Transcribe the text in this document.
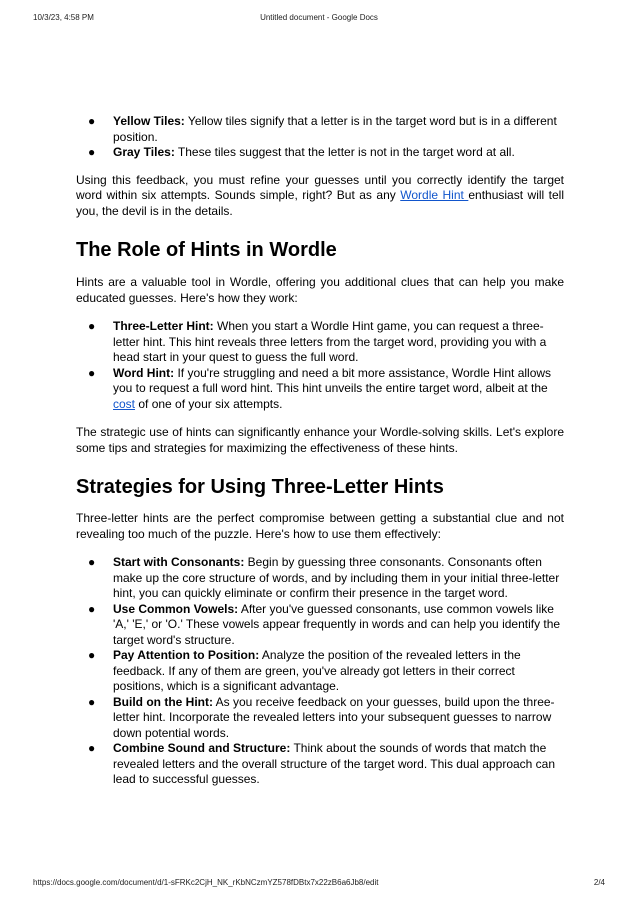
10/3/23, 4:58 PM	Untitled document - Google Docs
● Yellow Tiles: Yellow tiles signify that a letter is in the target word but is in a different position.
● Gray Tiles: These tiles suggest that the letter is not in the target word at all.

Using this feedback, you must refine your guesses until you correctly identify the target word within six attempts. Sounds simple, right? But as any Wordle Hint enthusiast will tell you, the devil is in the details.

The Role of Hints in Wordle

Hints are a valuable tool in Wordle, offering you additional clues that can help you make educated guesses. Here's how they work:

● Three-Letter Hint: When you start a Wordle Hint game, you can request a three-letter hint. This hint reveals three letters from the target word, providing you with a head start in your quest to guess the full word.
● Word Hint: If you're struggling and need a bit more assistance, Wordle Hint allows you to request a full word hint. This hint unveils the entire target word, albeit at the cost of one of your six attempts.

The strategic use of hints can significantly enhance your Wordle-solving skills. Let's explore some tips and strategies for maximizing the effectiveness of these hints.

Strategies for Using Three-Letter Hints

Three-letter hints are the perfect compromise between getting a substantial clue and not revealing too much of the puzzle. Here's how to use them effectively:

● Start with Consonants: Begin by guessing three consonants. Consonants often make up the core structure of words, and by including them in your initial three-letter hint, you can quickly eliminate or confirm their presence in the target word.
● Use Common Vowels: After you've guessed consonants, use common vowels like 'A,' 'E,' or 'O.' These vowels appear frequently in words and can help you identify the target word's structure.
● Pay Attention to Position: Analyze the position of the revealed letters in the feedback. If any of them are green, you've already got letters in their correct positions, which is a significant advantage.
● Build on the Hint: As you receive feedback on your guesses, build upon the three-letter hint. Incorporate the revealed letters into your subsequent guesses to narrow down potential words.
● Combine Sound and Structure: Think about the sounds of words that match the revealed letters and the overall structure of the target word. This dual approach can lead to successful guesses.
https://docs.google.com/document/d/1-sFRKc2CjH_NK_rKbNCzmYZ578fDBtx7x22zB6a6Jb8/edit	2/4
